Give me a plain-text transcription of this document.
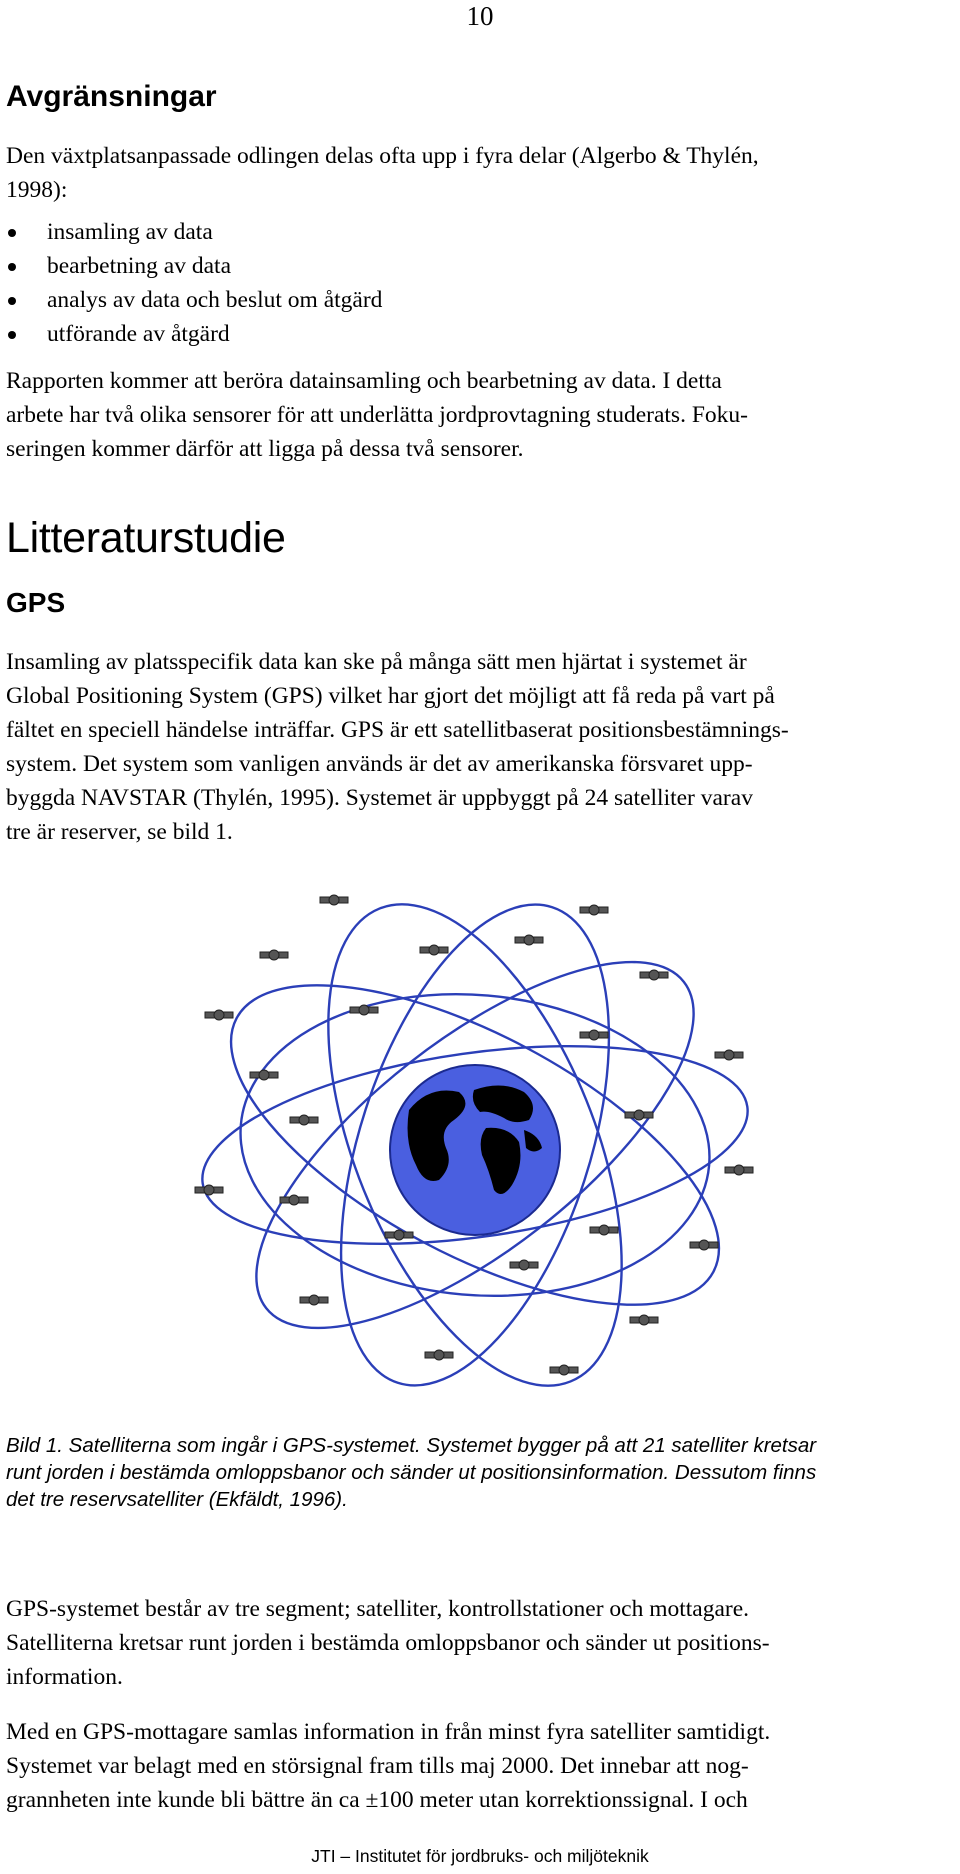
10
Avgränsningar

Den växtplatsanpassade odlingen delas ofta upp i fyra delar (Algerbo & Thylén,
1998):

insamling av data
bearbetning av data
analys av data och beslut om åtgärd
utförande av åtgärd

Rapporten kommer att beröra datainsamling och bearbetning av data. I detta
arbete har två olika sensorer för att underlätta jordprovtagning studerats. Foku-
seringen kommer därför att ligga på dessa två sensorer.

Litteraturstudie
GPS

Insamling av platsspecifik data kan ske på många sätt men hjärtat i systemet är
Global Positioning System (GPS) vilket har gjort det möjligt att få reda på vart på
fältet en speciell händelse inträffar. GPS är ett satellitbaserat positionsbestämnings-
system. Det system som vanligen används är det av amerikanska försvaret upp-
byggda NAVSTAR (Thylén, 1995). Systemet är uppbyggt på 24 satelliter varav
tre är reserver, se bild 1.

Bild 1. Satelliterna som ingår i GPS-systemet. Systemet bygger på att 21 satelliter kretsar
runt jorden i bestämda omloppsbanor och sänder ut positionsinformation. Dessutom finns
det tre reservsatelliter (Ekfäldt, 1996).

GPS-systemet består av tre segment; satelliter, kontrollstationer och mottagare.
Satelliterna kretsar runt jorden i bestämda omloppsbanor och sänder ut positions-
information.

Med en GPS-mottagare samlas information in från minst fyra satelliter samtidigt.
Systemet var belagt med en störsignal fram tills maj 2000. Det innebar att nog-
grannheten inte kunde bli bättre än ca ±100 meter utan korrektionssignal. I och

JTI – Institutet för jordbruks- och miljöteknik
